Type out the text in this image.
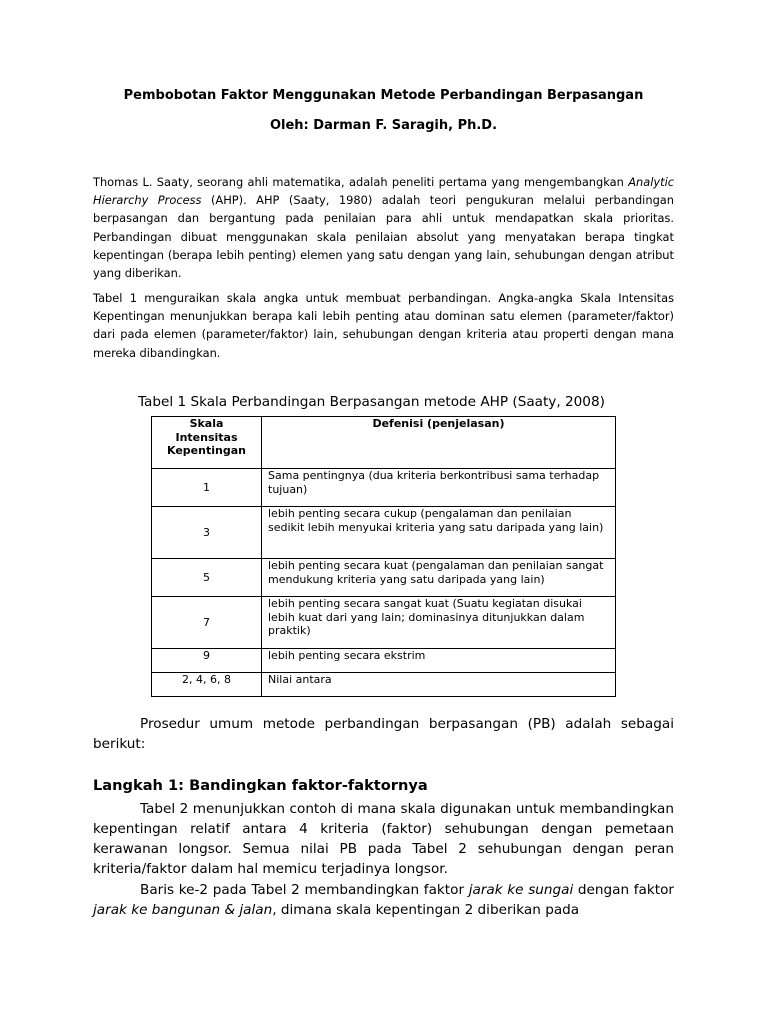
Pembobotan Faktor Menggunakan Metode Perbandingan Berpasangan
Oleh: Darman F. Saragih, Ph.D.

Thomas L. Saaty, seorang ahli matematika, adalah peneliti pertama yang mengembangkan Analytic Hierarchy Process (AHP). AHP (Saaty, 1980) adalah teori pengukuran melalui perbandingan berpasangan dan bergantung pada penilaian para ahli untuk mendapatkan skala prioritas. Perbandingan dibuat menggunakan skala penilaian absolut yang menyatakan berapa tingkat kepentingan (berapa lebih penting) elemen yang satu dengan yang lain, sehubungan dengan atribut yang diberikan.

Tabel 1 menguraikan skala angka untuk membuat perbandingan. Angka-angka Skala Intensitas Kepentingan menunjukkan berapa kali lebih penting atau dominan satu elemen (parameter/faktor) dari pada elemen (parameter/faktor) lain, sehubungan dengan kriteria atau properti dengan mana mereka dibandingkan.

Tabel 1 Skala Perbandingan Berpasangan metode AHP (Saaty, 2008)
Skala Intensitas Kepentingan	Defenisi (penjelasan)
1	Sama pentingnya (dua kriteria berkontribusi sama terhadap tujuan)
3	lebih penting secara cukup (pengalaman dan penilaian sedikit lebih menyukai kriteria yang satu daripada yang lain)
5	lebih penting secara kuat (pengalaman dan penilaian sangat mendukung kriteria yang satu daripada yang lain)
7	lebih penting secara sangat kuat (Suatu kegiatan disukai lebih kuat dari yang lain; dominasinya ditunjukkan dalam praktik)
9	lebih penting secara ekstrim
2, 4, 6, 8	Nilai antara

Prosedur umum metode perbandingan berpasangan (PB) adalah sebagai berikut:

Langkah 1: Bandingkan faktor-faktornya

Tabel 2 menunjukkan contoh di mana skala digunakan untuk membandingkan kepentingan relatif antara 4 kriteria (faktor) sehubungan dengan pemetaan kerawanan longsor. Semua nilai PB pada Tabel 2 sehubungan dengan peran kriteria/faktor dalam hal memicu terjadinya longsor.

Baris ke-2 pada Tabel 2 membandingkan faktor jarak ke sungai dengan faktor jarak ke bangunan & jalan, dimana skala kepentingan 2 diberikan pada
